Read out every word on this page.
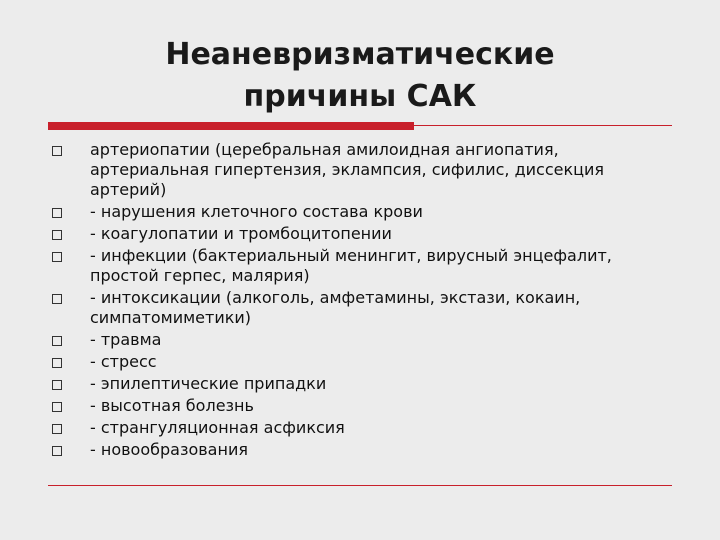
Неаневризматические
причины САК
артериопатии (церебральная амилоидная ангиопатия, артериальная гипертензия, эклампсия, сифилис, диссекция артерий)
- нарушения клеточного состава крови
- коагулопатии и тромбоцитопении
- инфекции (бактериальный менингит, вирусный энцефалит, простой герпес, малярия)
- интоксикации (алкоголь, амфетамины, экстази, кокаин, симпатомиметики)
- травма
- стресс
- эпилептические припадки
- высотная болезнь
- странгуляционная асфиксия
- новообразования
